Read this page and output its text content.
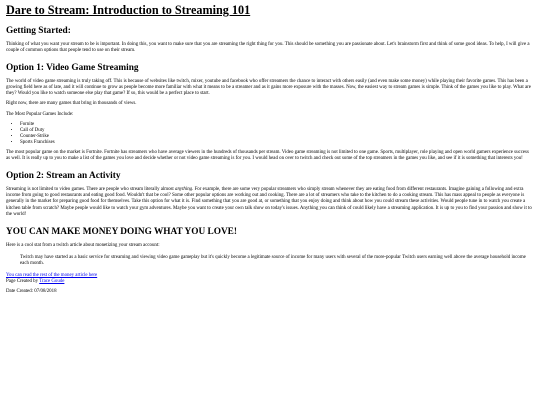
Dare to Stream: Introduction to Streaming 101
Getting Started:

Thinking of what you want your stream to be is important. In doing this, you want to make sure that you are streaming the right thing for you. This should be something you are passionate about. Let's brainstorm first and think of some good ideas. To help, I will give a couple of common options that people tend to use on their stream.

Option 1: Video Game Streaming

The world of video game streaming is truly taking off. This is because of websites like twitch, mixer, youtube and facebook who offer streamers the chance to interact with others easily (and even make some money) while playing their favorite games. This has been a growing field here as of late, and it will continue to grow as people become more familiar with what it means to be a streamer and as it gains more exposure with the masses. Now, the easiest way to stream games is simple. Think of the games you like to play. What are they? Would you like to watch someone else play that game? If so, this would be a perfect place to start.

Right now, there are many games that bring in thousands of views.

The Most Popular Games Include:

• Fornite
• Call of Duty
• Counter-Strike
• Sports Franchises

The most popular game on the market is Fortnite. Fortnite has streamers who have average viewers in the hundreds of thousands per stream. Video game streaming is not limited to one game. Sports, multiplayer, role playing and open world gamers experience success as well. It is really up to you to make a list of the games you love and decide whether or not video game streaming is for you. I would head on over to twitch and check out some of the top streamers in the games you like, and see if it is something that interests you!

Option 2: Stream an Activity

Streaming is not limited to video games. There are people who stream literally almost anything. For example, there are some very popular streamers who simply stream whenever they are eating food from different restaurants. Imagine gaining a following and extra income from going to good restaurants and eating good food. Wouldn't that be cool? Some other popular options are working out and cooking. There are a lot of streamers who take to the kitchen to do a cooking stream. This has mass appeal to people as everyone is generally in the market for preparing good food for themselves. Take this option for what it is. Find something that you are good at, or something that you enjoy doing and think about how you could stream these activities. Would people tune in to watch you create a kitchen table from scratch? Maybe people would like to watch your gym adventures. Maybe you want to create your own talk show on today's issues. Anything you can think of could likely have a streaming application. It is up to you to find your passion and show it to the world!

YOU CAN MAKE MONEY DOING WHAT YOU LOVE!

Here is a cool stat from a twitch article about monetizing your stream account:

Twitch may have started as a basic service for streaming and viewing video game gameplay but it's quickly become a legitimate source of income for many users with several of the more-popular Twitch users earning well above the average household income each month.
You can read the rest of the money article here

Page Created by Trace Goude

Date Created: 07/08/2018
